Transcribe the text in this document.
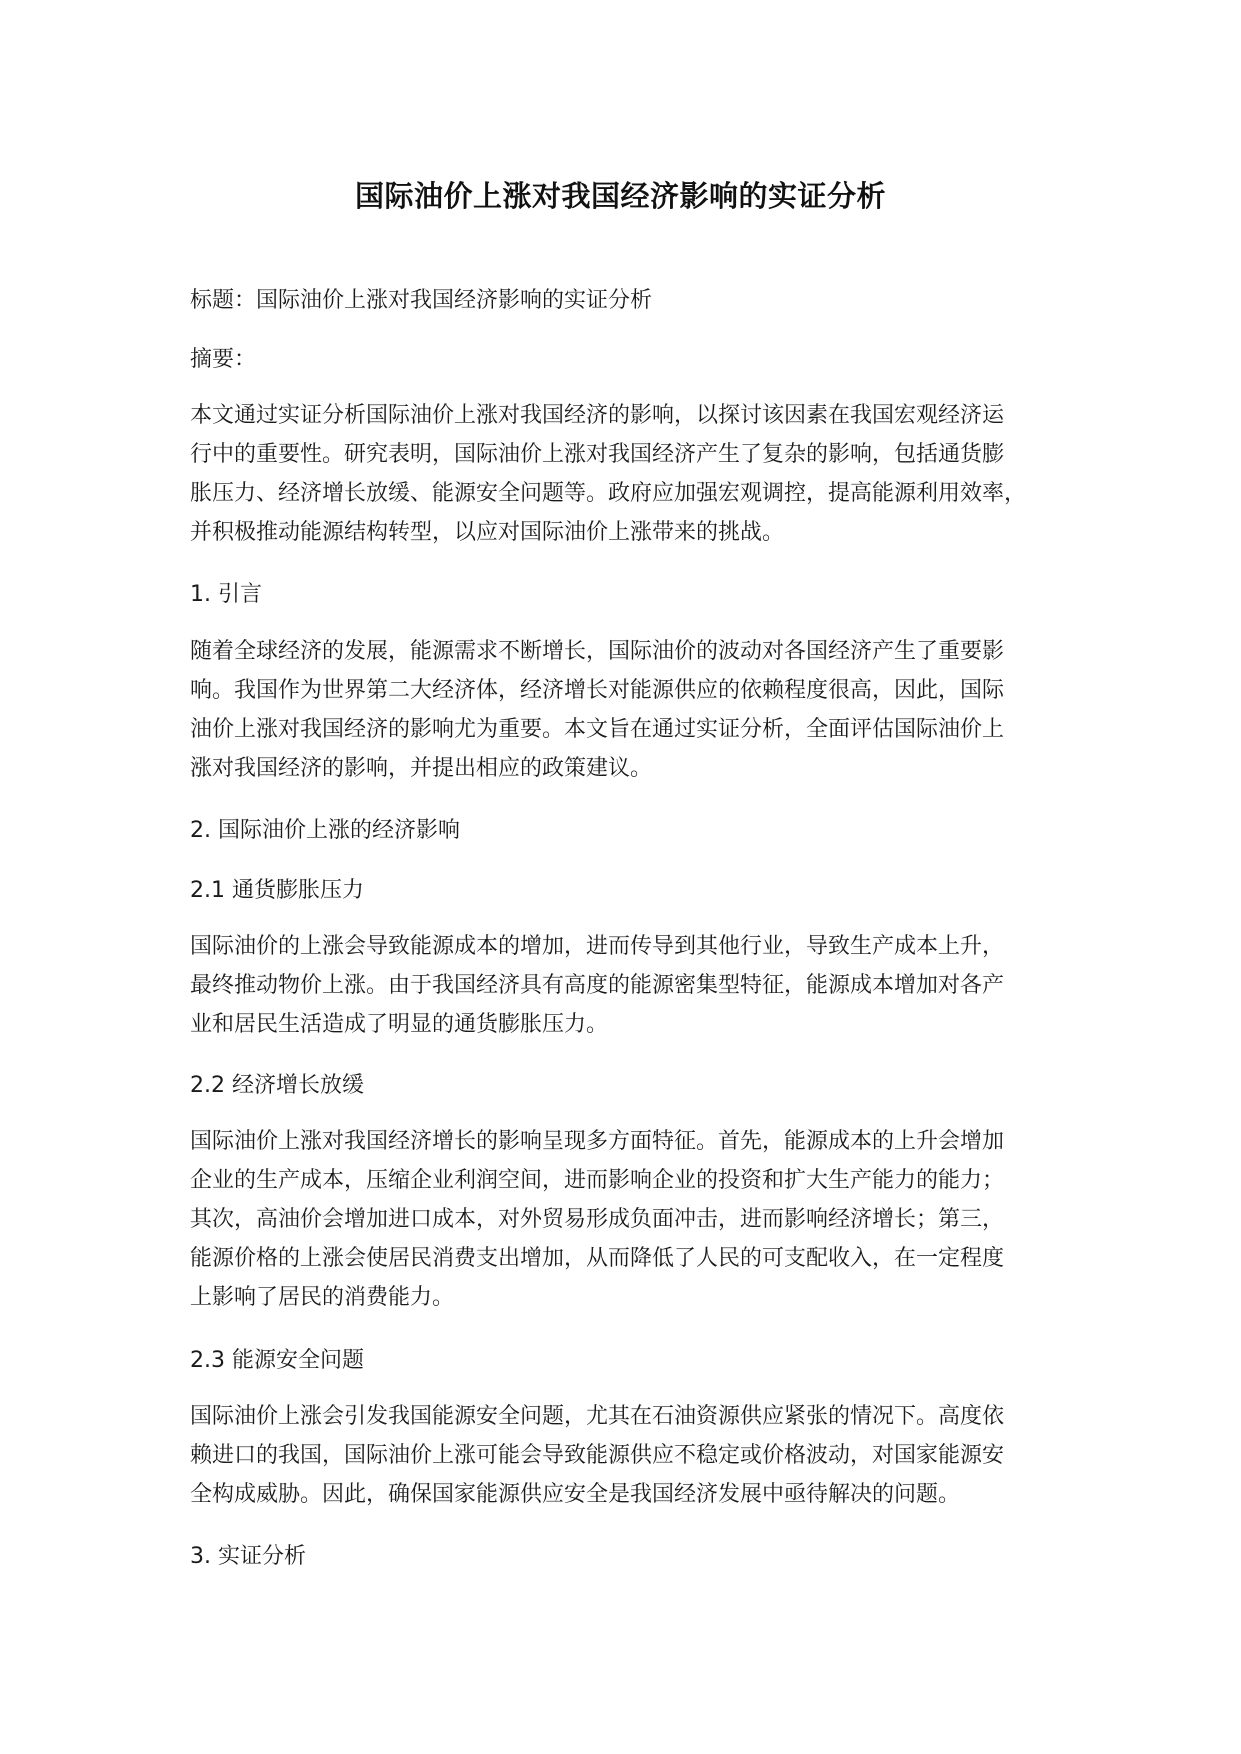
国际油价上涨对我国经济影响的实证分析

标题：国际油价上涨对我国经济影响的实证分析

摘要：

本文通过实证分析国际油价上涨对我国经济的影响，以探讨该因素在我国宏观经济运
行中的重要性。研究表明，国际油价上涨对我国经济产生了复杂的影响，包括通货膨
胀压力、经济增长放缓、能源安全问题等。政府应加强宏观调控，提高能源利用效率，
并积极推动能源结构转型，以应对国际油价上涨带来的挑战。

1. 引言

随着全球经济的发展，能源需求不断增长，国际油价的波动对各国经济产生了重要影
响。我国作为世界第二大经济体，经济增长对能源供应的依赖程度很高，因此，国际
油价上涨对我国经济的影响尤为重要。本文旨在通过实证分析，全面评估国际油价上
涨对我国经济的影响，并提出相应的政策建议。

2. 国际油价上涨的经济影响

2.1 通货膨胀压力

国际油价的上涨会导致能源成本的增加，进而传导到其他行业，导致生产成本上升，
最终推动物价上涨。由于我国经济具有高度的能源密集型特征，能源成本增加对各产
业和居民生活造成了明显的通货膨胀压力。

2.2 经济增长放缓

国际油价上涨对我国经济增长的影响呈现多方面特征。首先，能源成本的上升会增加
企业的生产成本，压缩企业利润空间，进而影响企业的投资和扩大生产能力的能力；
其次，高油价会增加进口成本，对外贸易形成负面冲击，进而影响经济增长；第三，
能源价格的上涨会使居民消费支出增加，从而降低了人民的可支配收入，在一定程度
上影响了居民的消费能力。

2.3 能源安全问题

国际油价上涨会引发我国能源安全问题，尤其在石油资源供应紧张的情况下。高度依
赖进口的我国，国际油价上涨可能会导致能源供应不稳定或价格波动，对国家能源安
全构成威胁。因此，确保国家能源供应安全是我国经济发展中亟待解决的问题。

3. 实证分析
